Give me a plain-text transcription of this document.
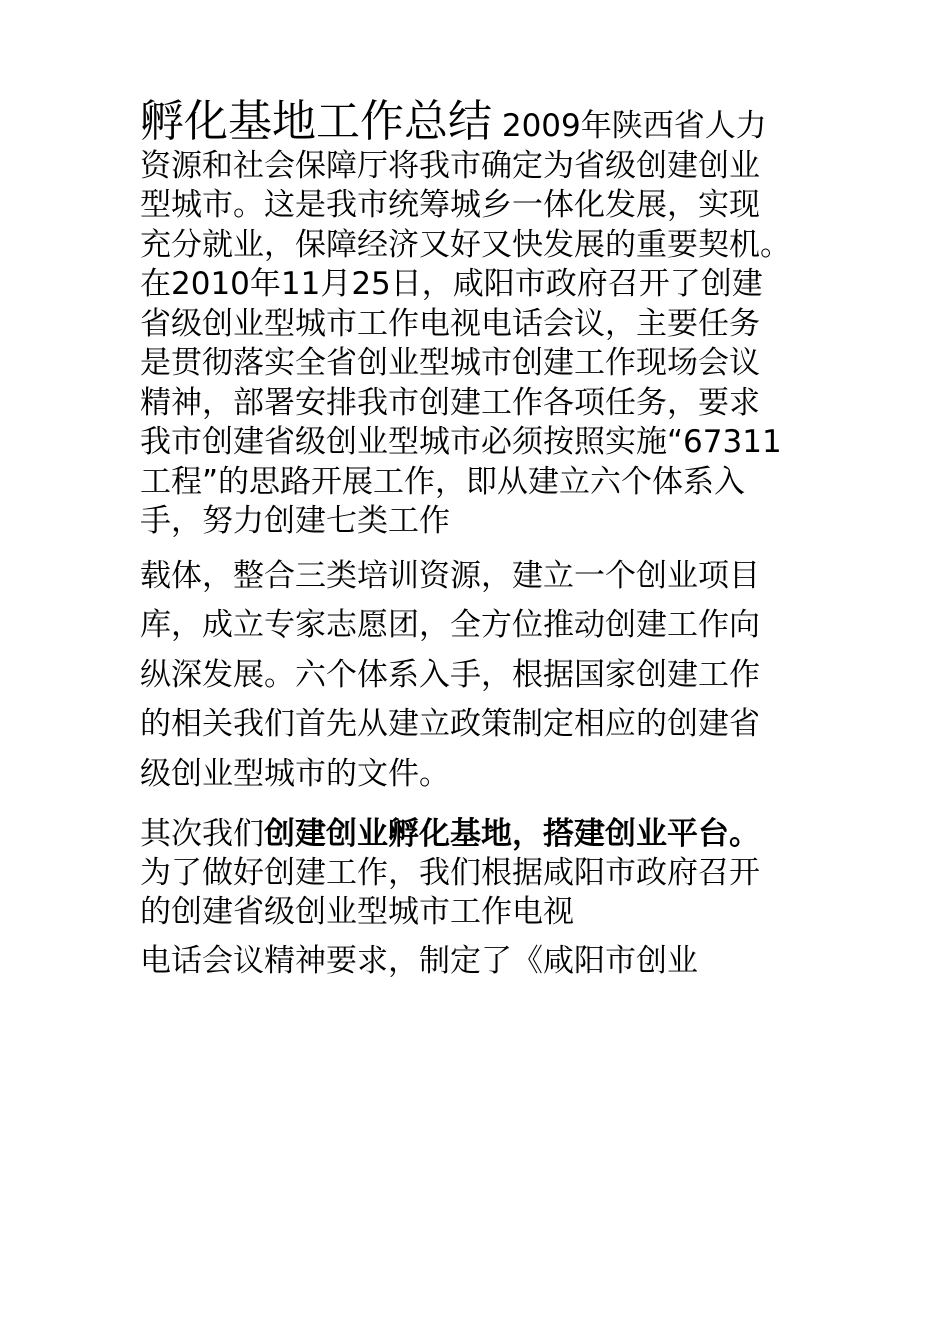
孵化基地工作总结 2009年陕西省人力
资源和社会保障厅将我市确定为省级创建创业
型城市。这是我市统筹城乡一体化发展，实现
充分就业，保障经济又好又快发展的重要契机。
在2010年11月25日，咸阳市政府召开了创建
省级创业型城市工作电视电话会议，主要任务
是贯彻落实全省创业型城市创建工作现场会议
精神，部署安排我市创建工作各项任务，要求
我市创建省级创业型城市必须按照实施“67311
工程”的思路开展工作，即从建立六个体系入
手，努力创建七类工作
载体，整合三类培训资源，建立一个创业项目
库，成立专家志愿团，全方位推动创建工作向
纵深发展。六个体系入手，根据国家创建工作
的相关我们首先从建立政策制定相应的创建省
级创业型城市的文件。
其次我们创建创业孵化基地，搭建创业平台。
为了做好创建工作，我们根据咸阳市政府召开
的创建省级创业型城市工作电视
电话会议精神要求，制定了《咸阳市创业
